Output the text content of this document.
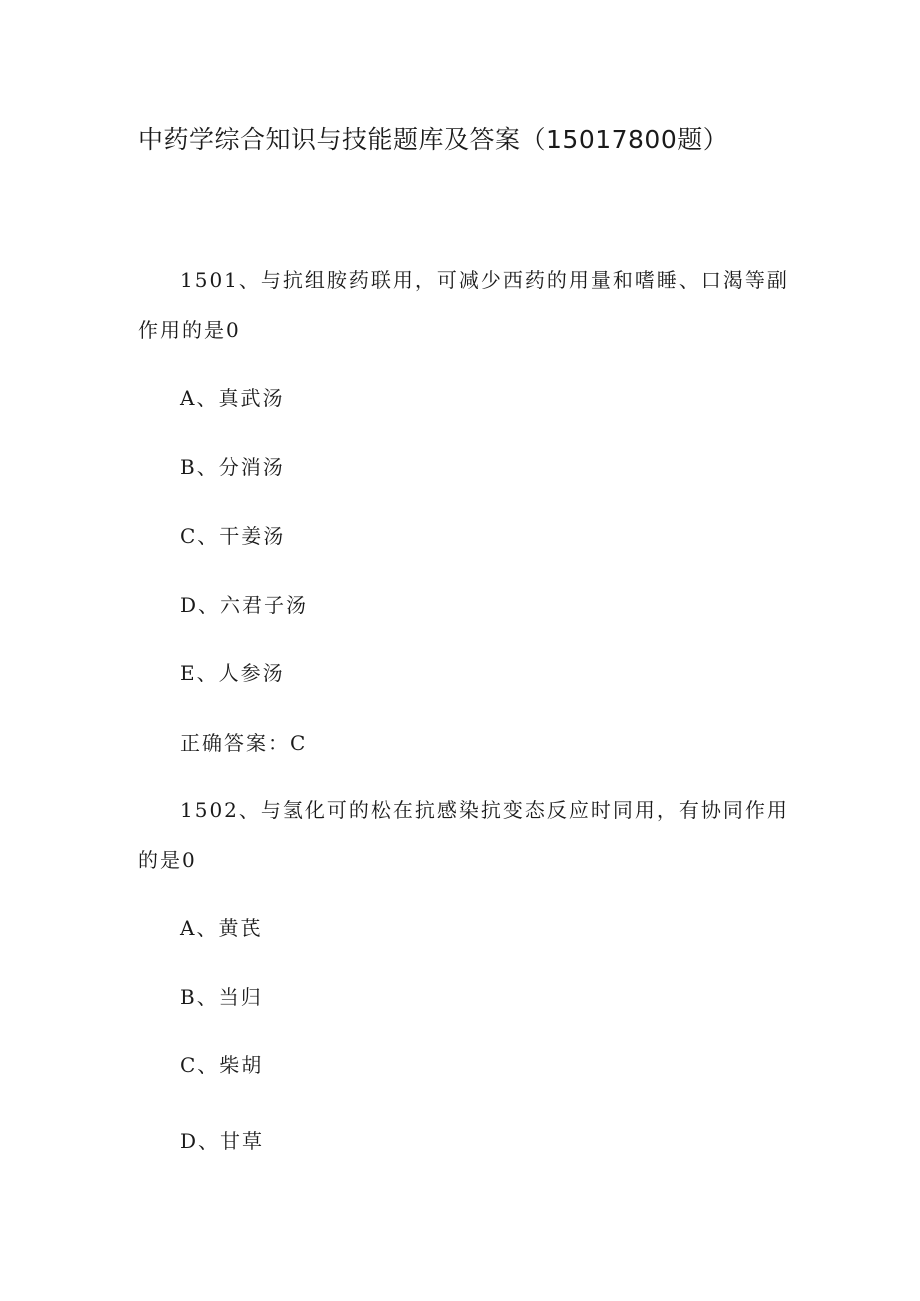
中药学综合知识与技能题库及答案（15017800题）
1501、与抗组胺药联用，可减少西药的用量和嗜睡、口渴等副
作用的是0
A、真武汤
B、分消汤
C、干姜汤
D、六君子汤
E、人参汤
正确答案：C
1502、与氢化可的松在抗感染抗变态反应时同用，有协同作用
的是0
A、黄芪
B、当归
C、柴胡
D、甘草
